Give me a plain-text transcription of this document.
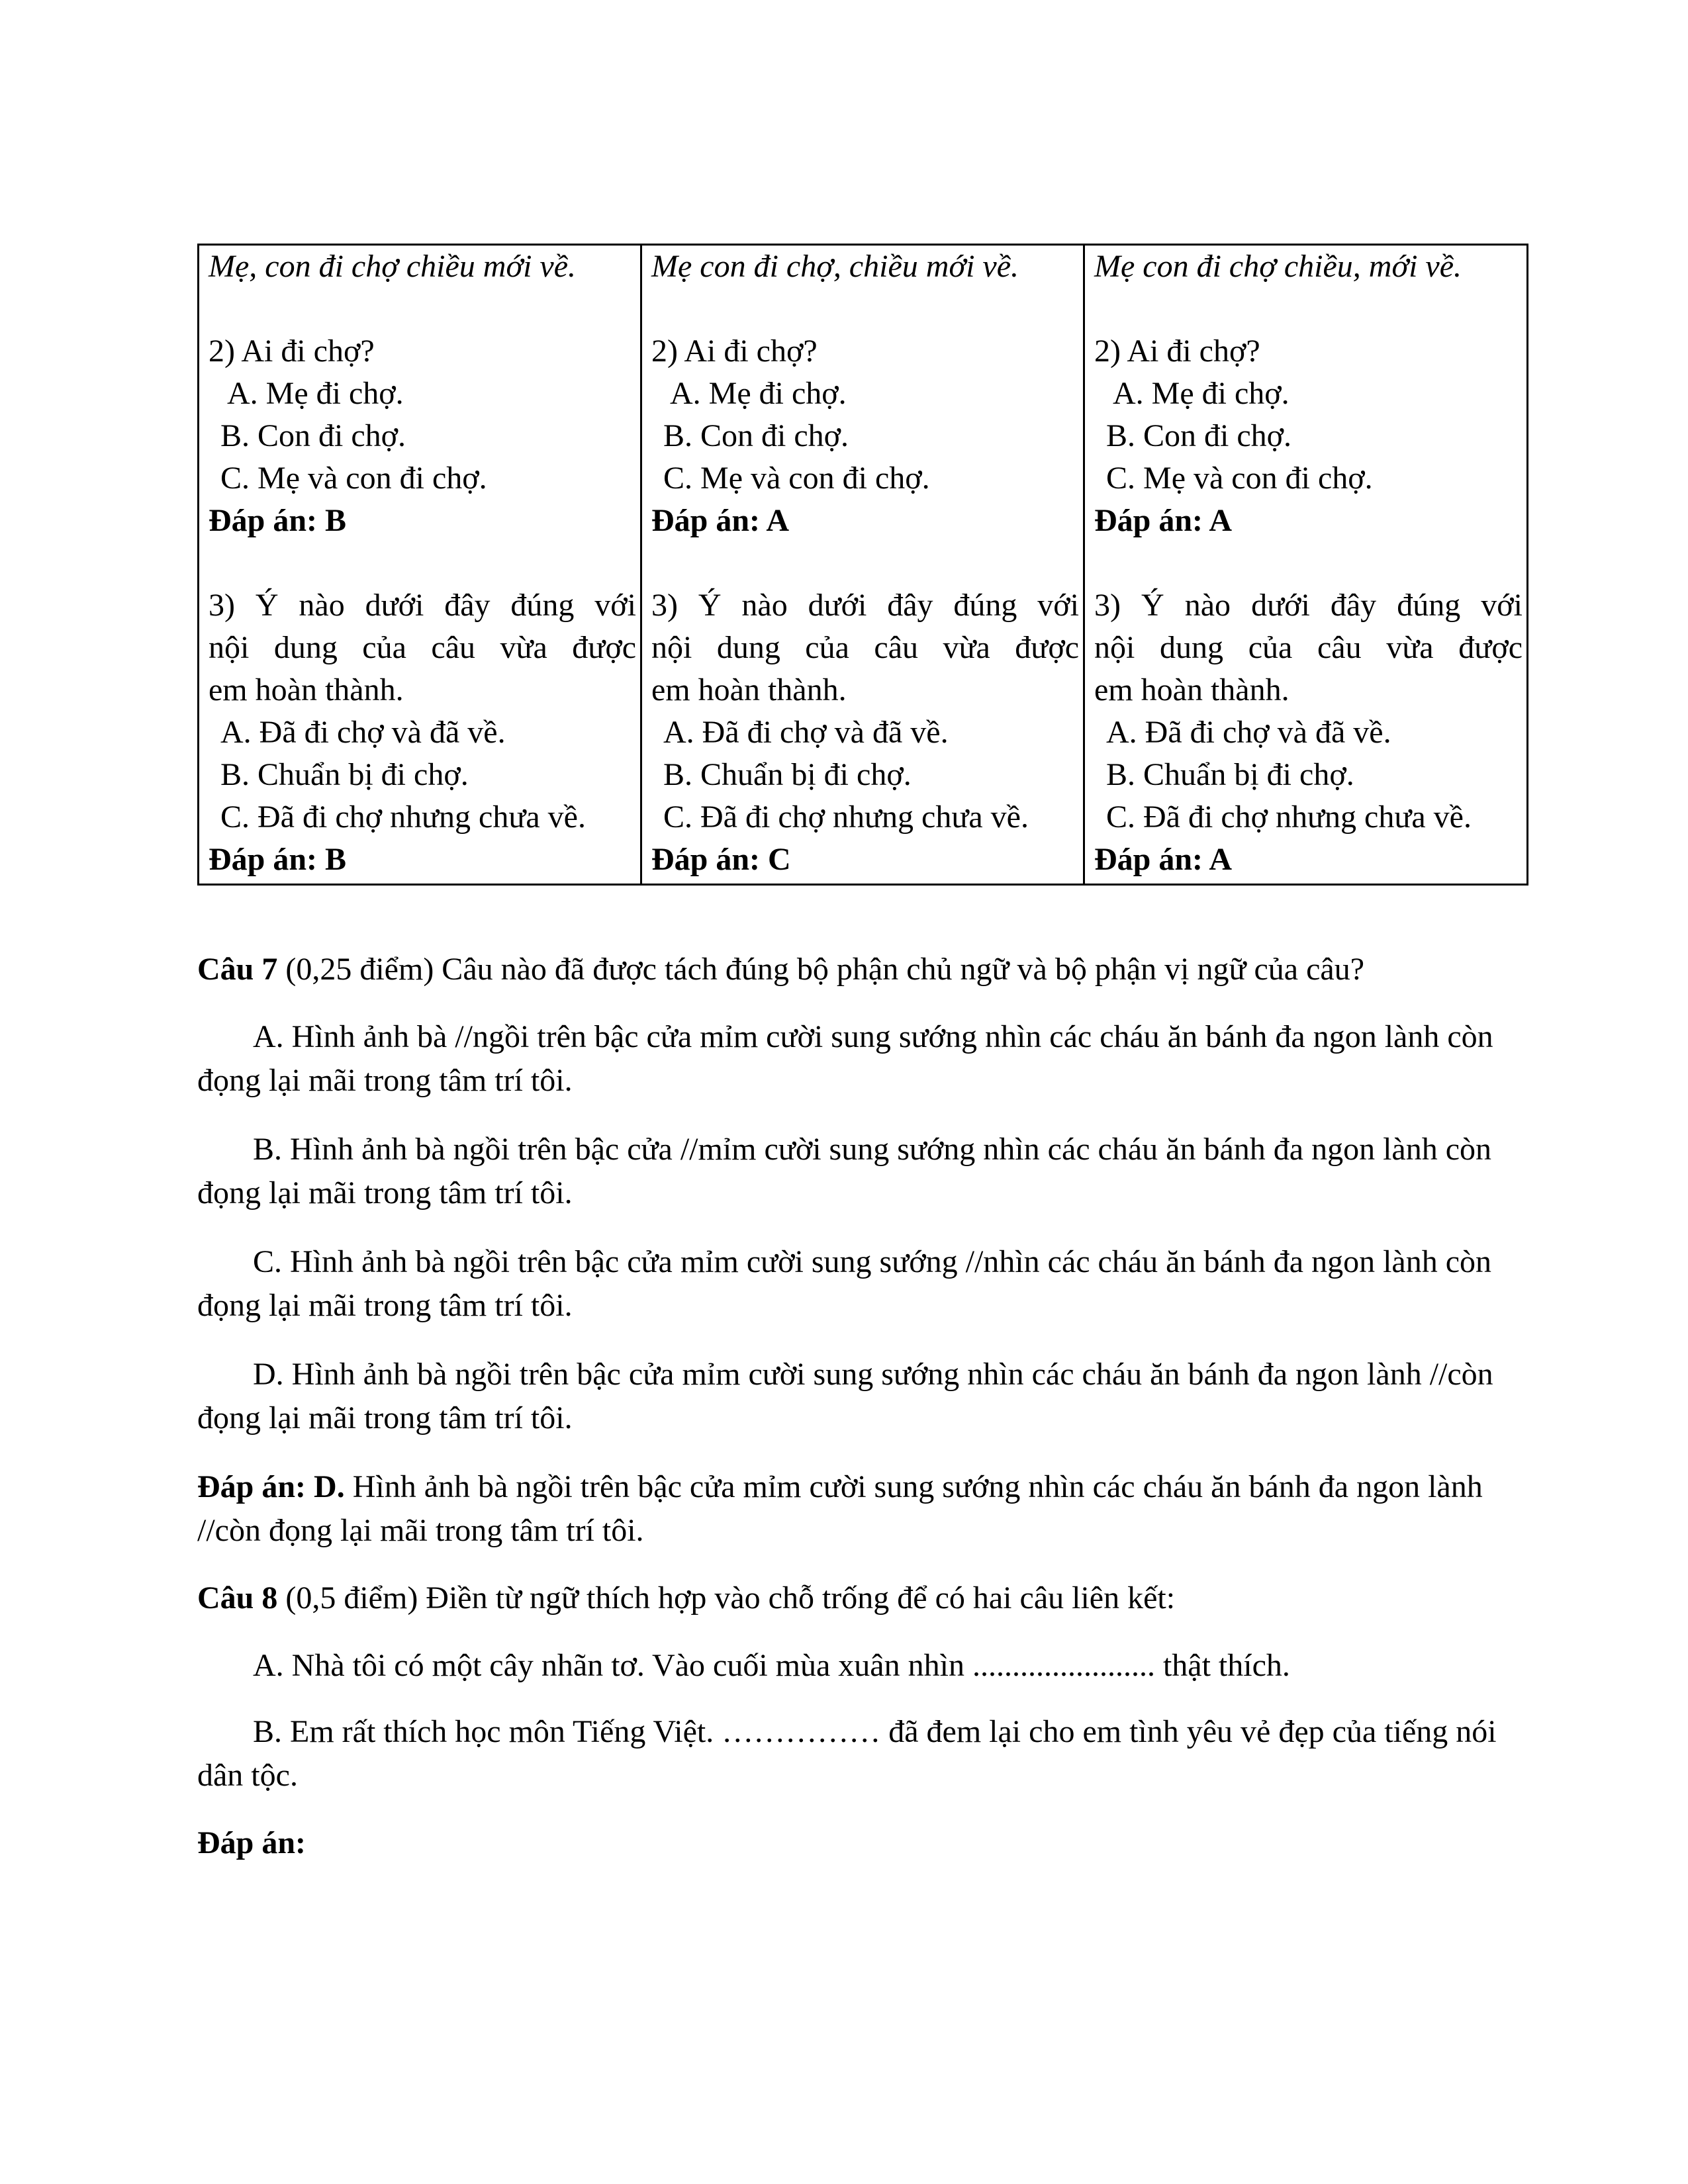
Mẹ, con đi chợ chiều mới về.
2) Ai đi chợ?
A. Mẹ đi chợ.
B. Con đi chợ.
C. Mẹ và con đi chợ.
Đáp án: B
3) Ý nào dưới đây đúng với
nội dung của câu vừa được
em hoàn thành.
A. Đã đi chợ và đã về.
B. Chuẩn bị đi chợ.
C. Đã đi chợ nhưng chưa về.
Đáp án: B

Mẹ con đi chợ, chiều mới về.
2) Ai đi chợ?
A. Mẹ đi chợ.
B. Con đi chợ.
C. Mẹ và con đi chợ.
Đáp án: A
3) Ý nào dưới đây đúng với
nội dung của câu vừa được
em hoàn thành.
A. Đã đi chợ và đã về.
B. Chuẩn bị đi chợ.
C. Đã đi chợ nhưng chưa về.
Đáp án: C

Mẹ con đi chợ chiều, mới về.
2) Ai đi chợ?
A. Mẹ đi chợ.
B. Con đi chợ.
C. Mẹ và con đi chợ.
Đáp án: A
3) Ý nào dưới đây đúng với
nội dung của câu vừa được
em hoàn thành.
A. Đã đi chợ và đã về.
B. Chuẩn bị đi chợ.
C. Đã đi chợ nhưng chưa về.
Đáp án: A

Câu 7 (0,25 điểm) Câu nào đã được tách đúng bộ phận chủ ngữ và bộ phận vị ngữ của câu?

A. Hình ảnh bà //ngồi trên bậc cửa mỉm cười sung sướng nhìn các cháu ăn bánh đa ngon lành còn đọng lại mãi trong tâm trí tôi.

B. Hình ảnh bà ngồi trên bậc cửa //mỉm cười sung sướng nhìn các cháu ăn bánh đa ngon lành còn đọng lại mãi trong tâm trí tôi.

C. Hình ảnh bà ngồi trên bậc cửa mỉm cười sung sướng //nhìn các cháu ăn bánh đa ngon lành còn đọng lại mãi trong tâm trí tôi.

D. Hình ảnh bà ngồi trên bậc cửa mỉm cười sung sướng nhìn các cháu ăn bánh đa ngon lành //còn đọng lại mãi trong tâm trí tôi.

Đáp án: D. Hình ảnh bà ngồi trên bậc cửa mỉm cười sung sướng nhìn các cháu ăn bánh đa ngon lành //còn đọng lại mãi trong tâm trí tôi.

Câu 8 (0,5 điểm) Điền từ ngữ thích hợp vào chỗ trống để có hai câu liên kết:

A. Nhà tôi có một cây nhãn tơ. Vào cuối mùa xuân nhìn ....................... thật thích.

B. Em rất thích học môn Tiếng Việt. …………… đã đem lại cho em tình yêu vẻ đẹp của tiếng nói dân tộc.

Đáp án:
